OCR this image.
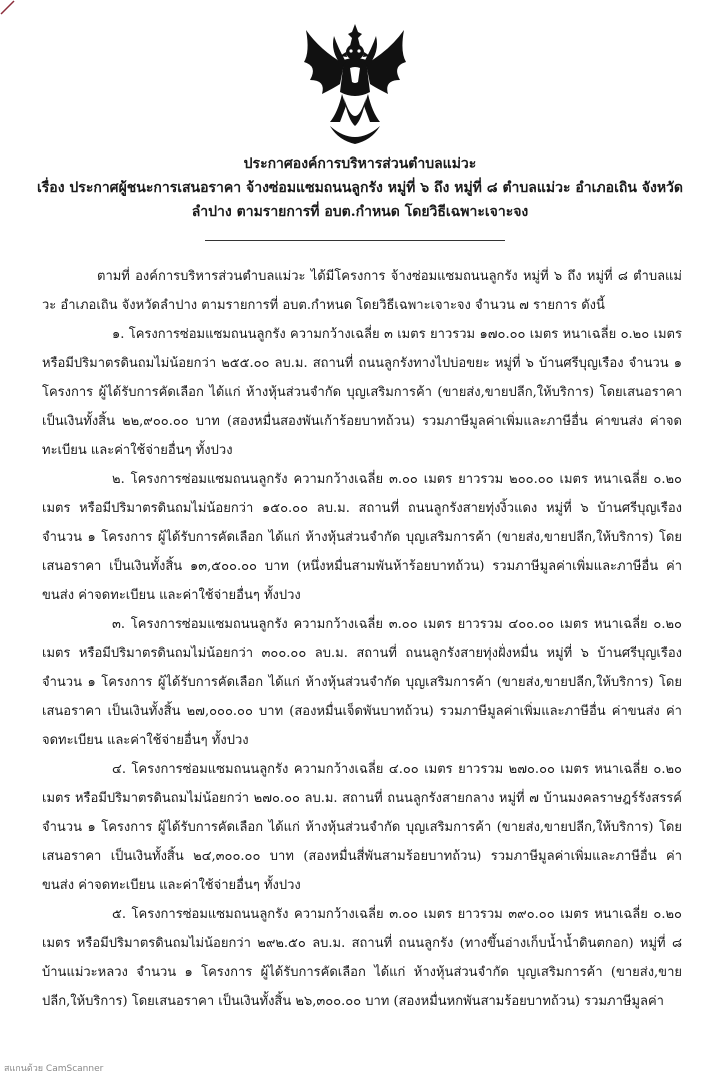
ประกาศองค์การบริหารส่วนตำบลแม่วะ
เรื่อง ประกาศผู้ชนะการเสนอราคา จ้างซ่อมแซมถนนลูกรัง หมู่ที่ ๖ ถึง หมู่ที่ ๘ ตำบลแม่วะ อำเภอเถิน จังหวัด
ลำปาง ตามรายการที่ อบต.กำหนด โดยวิธีเฉพาะเจาะจง

ตามที่ องค์การบริหารส่วนตำบลแม่วะ ได้มีโครงการ จ้างซ่อมแซมถนนลูกรัง หมู่ที่ ๖ ถึง หมู่ที่ ๘ ตำบลแม่วะ อำเภอเถิน จังหวัดลำปาง ตามรายการที่ อบต.กำหนด โดยวิธีเฉพาะเจาะจง จำนวน ๗ รายการ ดังนี้

๑. โครงการซ่อมแซมถนนลูกรัง ความกว้างเฉลี่ย ๓ เมตร ยาวรวม ๑๗๐.๐๐ เมตร หนาเฉลี่ย ๐.๒๐ เมตร หรือมีปริมาตรดินถมไม่น้อยกว่า ๒๕๕.๐๐ ลบ.ม. สถานที่ ถนนลูกรังทางไปบ่อขยะ หมู่ที่ ๖ บ้านศรีบุญเรือง จำนวน ๑ โครงการ ผู้ได้รับการคัดเลือก ได้แก่ ห้างหุ้นส่วนจำกัด บุญเสริมการค้า (ขายส่ง,ขายปลีก,ให้บริการ) โดยเสนอราคา เป็นเงินทั้งสิ้น ๒๒,๙๐๐.๐๐ บาท (สองหมื่นสองพันเก้าร้อยบาทถ้วน) รวมภาษีมูลค่าเพิ่มและภาษีอื่น ค่าขนส่ง ค่าจดทะเบียน และค่าใช้จ่ายอื่นๆ ทั้งปวง

๒. โครงการซ่อมแซมถนนลูกรัง ความกว้างเฉลี่ย ๓.๐๐ เมตร ยาวรวม ๒๐๐.๐๐ เมตร หนาเฉลี่ย ๐.๒๐ เมตร หรือมีปริมาตรดินถมไม่น้อยกว่า ๑๕๐.๐๐ ลบ.ม. สถานที่ ถนนลูกรังสายทุ่งงิ้วแดง หมู่ที่ ๖ บ้านศรีบุญเรือง จำนวน ๑ โครงการ ผู้ได้รับการคัดเลือก ได้แก่ ห้างหุ้นส่วนจำกัด บุญเสริมการค้า (ขายส่ง,ขายปลีก,ให้บริการ) โดยเสนอราคา เป็นเงินทั้งสิ้น ๑๓,๕๐๐.๐๐ บาท (หนึ่งหมื่นสามพันห้าร้อยบาทถ้วน) รวมภาษีมูลค่าเพิ่มและภาษีอื่น ค่าขนส่ง ค่าจดทะเบียน และค่าใช้จ่ายอื่นๆ ทั้งปวง

๓. โครงการซ่อมแซมถนนลูกรัง ความกว้างเฉลี่ย ๓.๐๐ เมตร ยาวรวม ๔๐๐.๐๐ เมตร หนาเฉลี่ย ๐.๒๐ เมตร หรือมีปริมาตรดินถมไม่น้อยกว่า ๓๐๐.๐๐ ลบ.ม. สถานที่ ถนนลูกรังสายทุ่งฝั่งหมื่น หมู่ที่ ๖ บ้านศรีบุญเรือง จำนวน ๑ โครงการ ผู้ได้รับการคัดเลือก ได้แก่ ห้างหุ้นส่วนจำกัด บุญเสริมการค้า (ขายส่ง,ขายปลีก,ให้บริการ) โดยเสนอราคา เป็นเงินทั้งสิ้น ๒๗,๐๐๐.๐๐ บาท (สองหมื่นเจ็ดพันบาทถ้วน) รวมภาษีมูลค่าเพิ่มและภาษีอื่น ค่าขนส่ง ค่าจดทะเบียน และค่าใช้จ่ายอื่นๆ ทั้งปวง

๔. โครงการซ่อมแซมถนนลูกรัง ความกว้างเฉลี่ย ๔.๐๐ เมตร ยาวรวม ๒๗๐.๐๐ เมตร หนาเฉลี่ย ๐.๒๐ เมตร หรือมีปริมาตรดินถมไม่น้อยกว่า ๒๗๐.๐๐ ลบ.ม. สถานที่ ถนนลูกรังสายกลาง หมู่ที่ ๗ บ้านมงคลราษฎร์รังสรรค์ จำนวน ๑ โครงการ ผู้ได้รับการคัดเลือก ได้แก่ ห้างหุ้นส่วนจำกัด บุญเสริมการค้า (ขายส่ง,ขายปลีก,ให้บริการ) โดยเสนอราคา เป็นเงินทั้งสิ้น ๒๔,๓๐๐.๐๐ บาท (สองหมื่นสี่พันสามร้อยบาทถ้วน) รวมภาษีมูลค่าเพิ่มและภาษีอื่น ค่าขนส่ง ค่าจดทะเบียน และค่าใช้จ่ายอื่นๆ ทั้งปวง

๕. โครงการซ่อมแซมถนนลูกรัง ความกว้างเฉลี่ย ๓.๐๐ เมตร ยาวรวม ๓๙๐.๐๐ เมตร หนาเฉลี่ย ๐.๒๐ เมตร หรือมีปริมาตรดินถมไม่น้อยกว่า ๒๙๒.๕๐ ลบ.ม. สถานที่ ถนนลูกรัง (ทางขึ้นอ่างเก็บน้ำน้ำดินตกอก) หมู่ที่ ๘ บ้านแม่วะหลวง จำนวน ๑ โครงการ ผู้ได้รับการคัดเลือก ได้แก่ ห้างหุ้นส่วนจำกัด บุญเสริมการค้า (ขายส่ง,ขายปลีก,ให้บริการ) โดยเสนอราคา เป็นเงินทั้งสิ้น ๒๖,๓๐๐.๐๐ บาท (สองหมื่นหกพันสามร้อยบาทถ้วน) รวมภาษีมูลค่า

สแกนด้วย CamScanner
